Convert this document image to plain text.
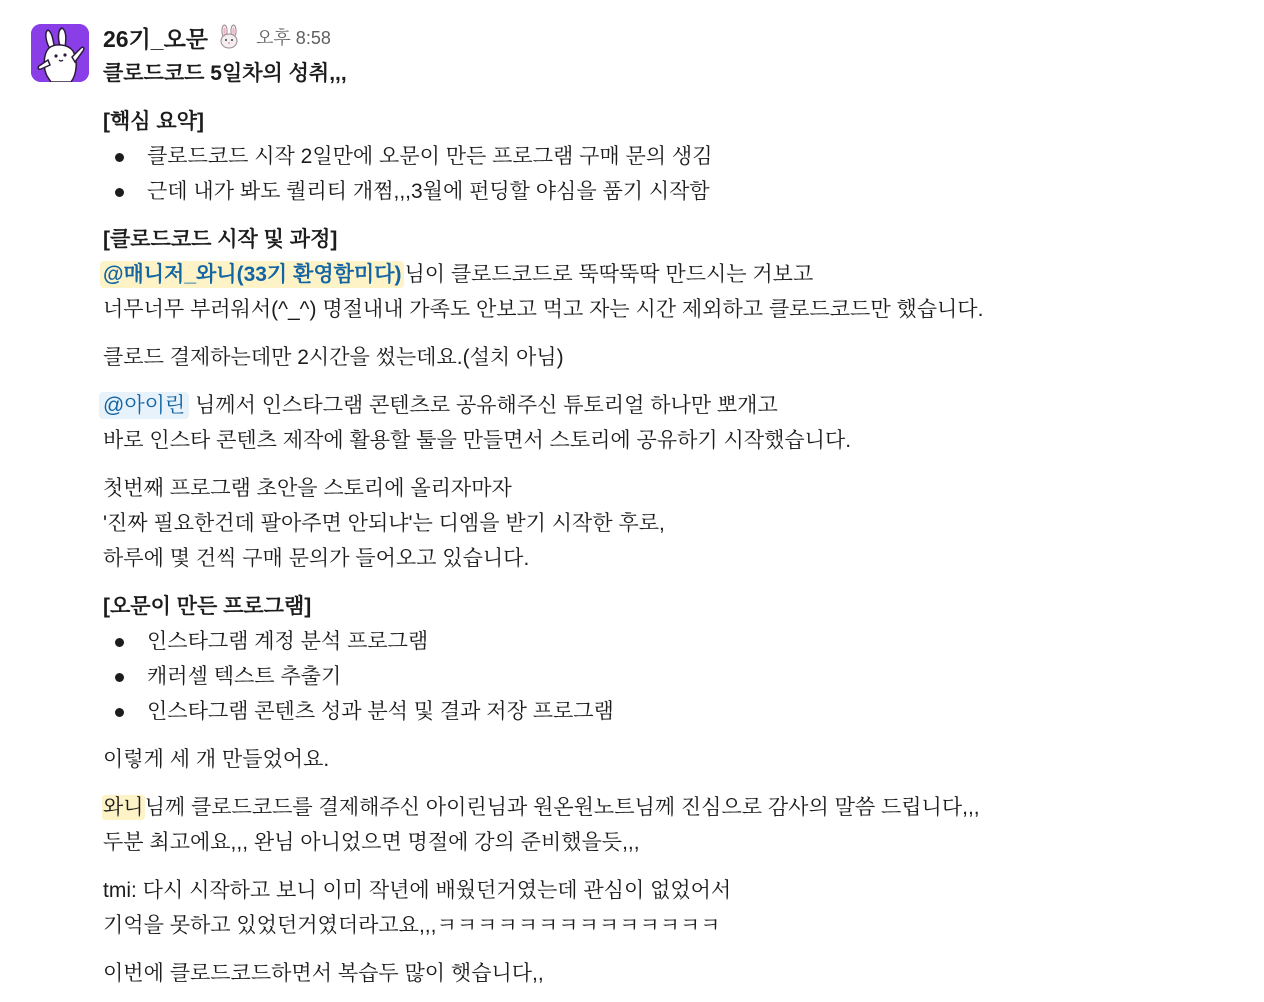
26기_오문	오후 8:58
클로드코드 5일차의 성취,,,
[핵심 요약]
클로드코드 시작 2일만에 오문이 만든 프로그램 구매 문의 생김
근데 내가 봐도 퀄리티 개쩜,,,3월에 펀딩할 야심을 품기 시작함
[클로드코드 시작 및 과정]
@매니저_와니(33기 환영함미다) 님이 클로드코드로 뚝딱뚝딱 만드시는 거보고
너무너무 부러워서(^_^) 명절내내 가족도 안보고 먹고 자는 시간 제외하고 클로드코드만 했습니다.
클로드 결제하는데만 2시간을 썼는데요.(설치 아님)
@아이린 님께서 인스타그램 콘텐츠로 공유해주신 튜토리얼 하나만 뽀개고
바로 인스타 콘텐츠 제작에 활용할 툴을 만들면서 스토리에 공유하기 시작했습니다.
첫번째 프로그램 초안을 스토리에 올리자마자
'진짜 필요한건데 팔아주면 안되냐'는 디엠을 받기 시작한 후로,
하루에 몇 건씩 구매 문의가 들어오고 있습니다.
[오문이 만든 프로그램]
인스타그램 계정 분석 프로그램
캐러셀 텍스트 추출기
인스타그램 콘텐츠 성과 분석 및 결과 저장 프로그램
이렇게 세 개 만들었어요.
와니님께 클로드코드를 결제해주신 아이린님과 원온원노트님께 진심으로 감사의 말씀 드립니다,,,
두분 최고에요,,, 완님 아니었으면 명절에 강의 준비했을듯,,,
tmi: 다시 시작하고 보니 이미 작년에 배웠던거였는데 관심이 없었어서
기억을 못하고 있었던거였더라고요,,,ㅋㅋㅋㅋㅋㅋㅋㅋㅋㅋㅋㅋㅋㅋ
이번에 클로드코드하면서 복습두 많이 햇습니다,,
